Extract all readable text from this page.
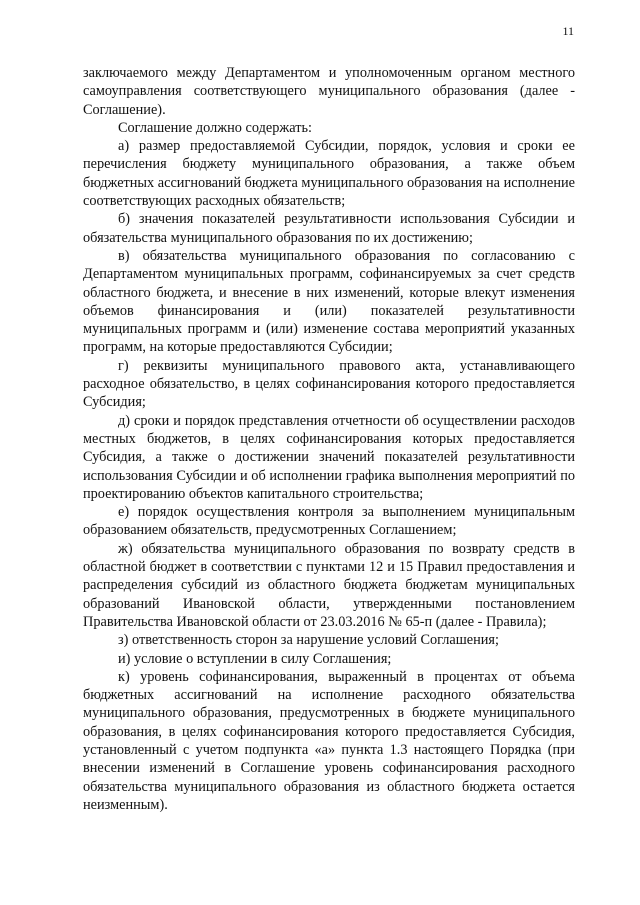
11

заключаемого между Департаментом и уполномоченным органом местного самоуправления соответствующего муниципального образования (далее - Соглашение).

Соглашение должно содержать:

а) размер предоставляемой Субсидии, порядок, условия и сроки ее перечисления бюджету муниципального образования, а также объем бюджетных ассигнований бюджета муниципального образования на исполнение соответствующих расходных обязательств;

б) значения показателей результативности использования Субсидии и обязательства муниципального образования по их достижению;

в) обязательства муниципального образования по согласованию с Департаментом муниципальных программ, софинансируемых за счет средств областного бюджета, и внесение в них изменений, которые влекут изменения объемов финансирования и (или) показателей результативности муниципальных программ и (или) изменение состава мероприятий указанных программ, на которые предоставляются Субсидии;

г) реквизиты муниципального правового акта, устанавливающего расходное обязательство, в целях софинансирования которого предоставляется Субсидия;

д) сроки и порядок представления отчетности об осуществлении расходов местных бюджетов, в целях софинансирования которых предоставляется Субсидия, а также о достижении значений показателей результативности использования Субсидии и об исполнении графика выполнения мероприятий по проектированию объектов капитального строительства;

е) порядок осуществления контроля за выполнением муниципальным образованием обязательств, предусмотренных Соглашением;

ж) обязательства муниципального образования по возврату средств в областной бюджет в соответствии с пунктами 12 и 15 Правил предоставления и распределения субсидий из областного бюджета бюджетам муниципальных образований Ивановской области, утвержденными постановлением Правительства Ивановской области от 23.03.2016 № 65-п (далее - Правила);

з) ответственность сторон за нарушение условий Соглашения;

и) условие о вступлении в силу Соглашения;

к) уровень софинансирования, выраженный в процентах от объема бюджетных ассигнований на исполнение расходного обязательства муниципального образования, предусмотренных в бюджете муниципального образования, в целях софинансирования которого предоставляется Субсидия, установленный с учетом подпункта «а» пункта 1.3 настоящего Порядка (при внесении изменений в Соглашение уровень софинансирования расходного обязательства муниципального образования из областного бюджета остается неизменным).
